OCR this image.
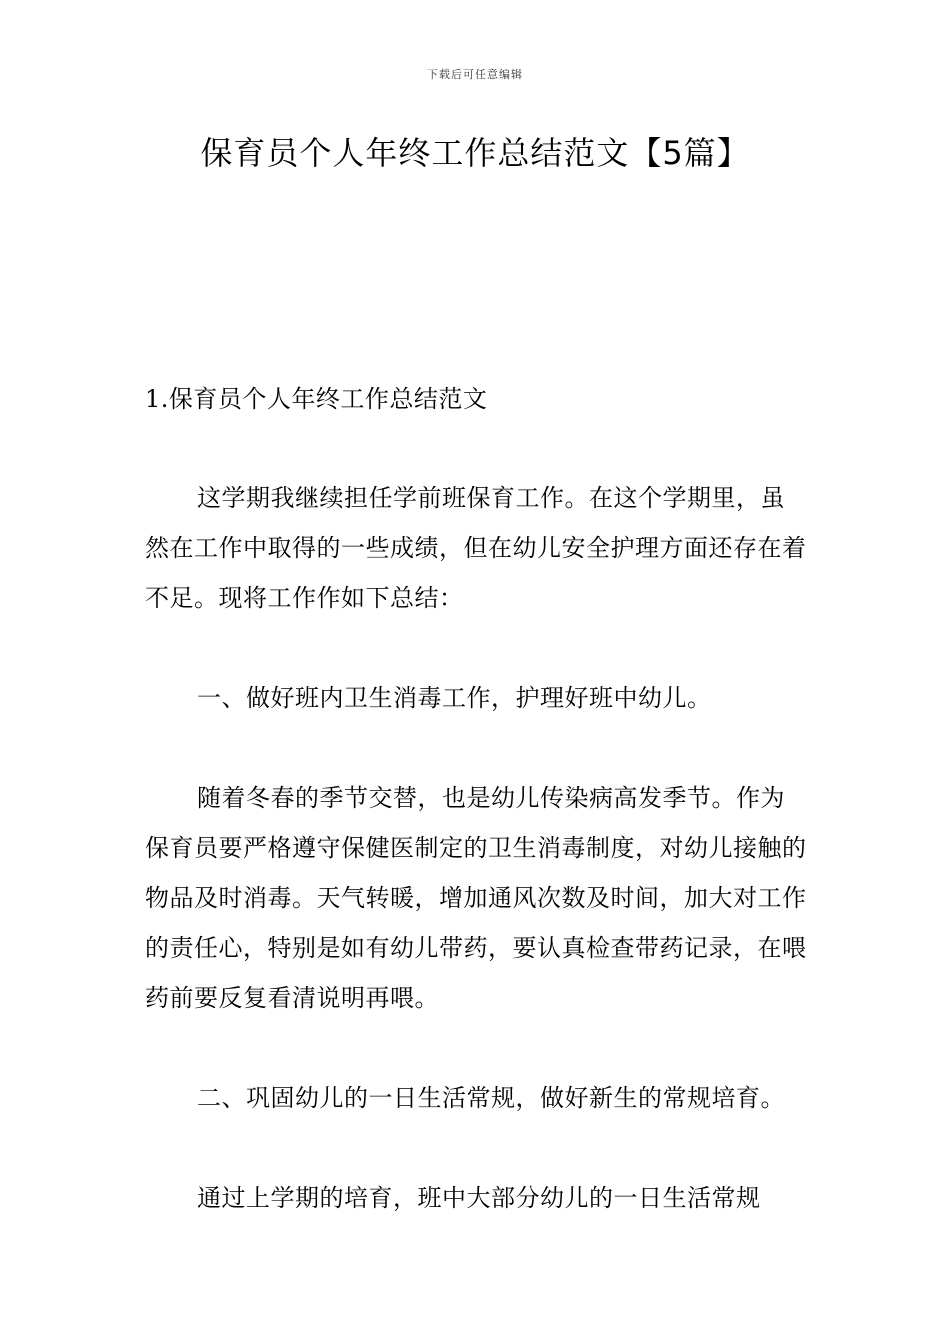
下载后可任意编辑
保育员个人年终工作总结范文【5篇】

1.保育员个人年终工作总结范文

这学期我继续担任学前班保育工作。在这个学期里，虽然在工作中取得的一些成绩，但在幼儿安全护理方面还存在着不足。现将工作作如下总结：

一、做好班内卫生消毒工作，护理好班中幼儿。

随着冬春的季节交替，也是幼儿传染病高发季节。作为保育员要严格遵守保健医制定的卫生消毒制度，对幼儿接触的物品及时消毒。天气转暖，增加通风次数及时间，加大对工作的责任心，特别是如有幼儿带药，要认真检查带药记录，在喂药前要反复看清说明再喂。

二、巩固幼儿的一日生活常规，做好新生的常规培育。

通过上学期的培育，班中大部分幼儿的一日生活常规
